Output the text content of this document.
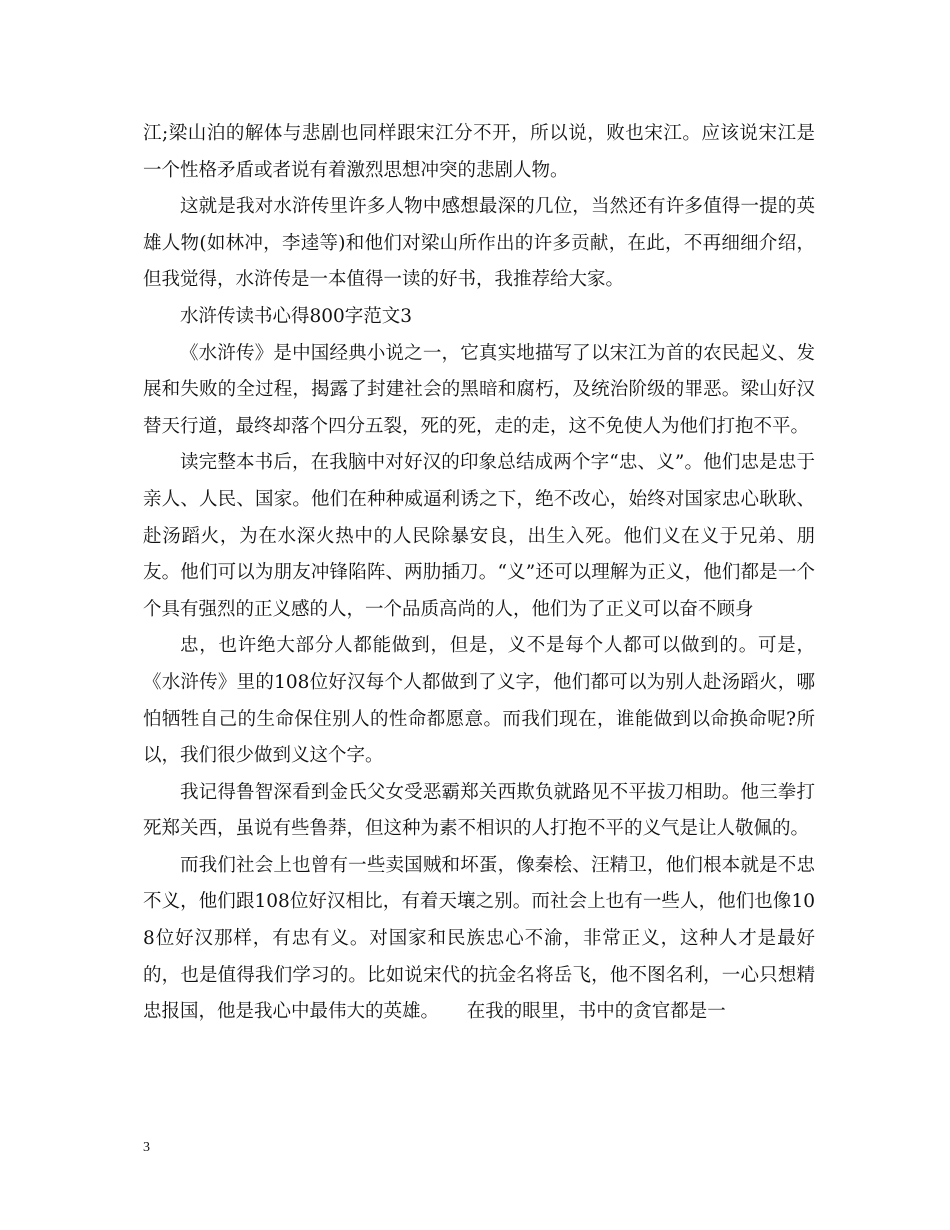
江;梁山泊的解体与悲剧也同样跟宋江分不开，所以说，败也宋江。应该说宋江是一个性格矛盾或者说有着激烈思想冲突的悲剧人物。

这就是我对水浒传里许多人物中感想最深的几位，当然还有许多值得一提的英雄人物(如林冲，李逵等)和他们对梁山所作出的许多贡献，在此，不再细细介绍，但我觉得，水浒传是一本值得一读的好书，我推荐给大家。

水浒传读书心得800字范文3

《水浒传》是中国经典小说之一，它真实地描写了以宋江为首的农民起义、发展和失败的全过程，揭露了封建社会的黑暗和腐朽，及统治阶级的罪恶。梁山好汉替天行道，最终却落个四分五裂，死的死，走的走，这不免使人为他们打抱不平。

读完整本书后，在我脑中对好汉的印象总结成两个字“忠、义”。他们忠是忠于亲人、人民、国家。他们在种种威逼利诱之下，绝不改心，始终对国家忠心耿耿、赴汤蹈火，为在水深火热中的人民除暴安良，出生入死。他们义在义于兄弟、朋友。他们可以为朋友冲锋陷阵、两肋插刀。“义”还可以理解为正义，他们都是一个个具有强烈的正义感的人，一个品质高尚的人，他们为了正义可以奋不顾身

忠，也许绝大部分人都能做到，但是，义不是每个人都可以做到的。可是，《水浒传》里的108位好汉每个人都做到了义字，他们都可以为别人赴汤蹈火，哪怕牺牲自己的生命保住别人的性命都愿意。而我们现在，谁能做到以命换命呢?所以，我们很少做到义这个字。

我记得鲁智深看到金氏父女受恶霸郑关西欺负就路见不平拔刀相助。他三拳打死郑关西，虽说有些鲁莽，但这种为素不相识的人打抱不平的义气是让人敬佩的。

而我们社会上也曾有一些卖国贼和坏蛋，像秦桧、汪精卫，他们根本就是不忠不义，他们跟108位好汉相比，有着天壤之别。而社会上也有一些人，他们也像108位好汉那样，有忠有义。对国家和民族忠心不渝，非常正义，这种人才是最好的，也是值得我们学习的。比如说宋代的抗金名将岳飞，他不图名利，一心只想精忠报国，他是我心中最伟大的英雄。　　在我的眼里，书中的贪官都是一

3
